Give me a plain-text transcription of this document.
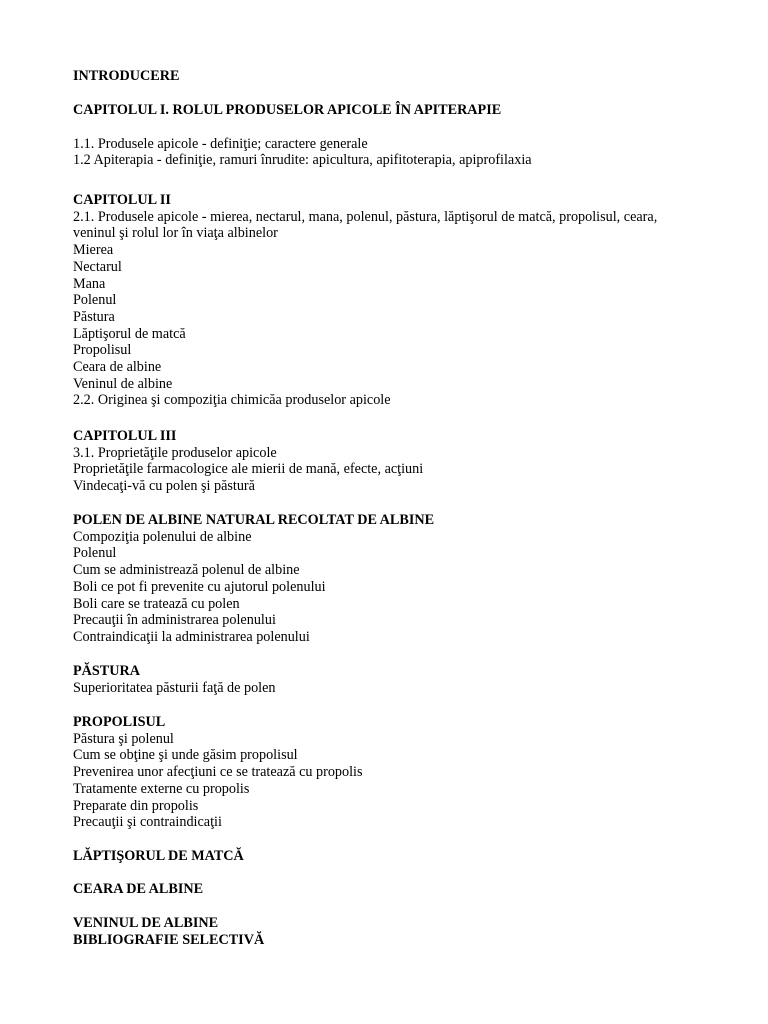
INTRODUCERE
CAPITOLUL I. ROLUL PRODUSELOR APICOLE ÎN APITERAPIE
1.1. Produsele apicole - definiţie; caractere generale
1.2 Apiterapia - definiţie, ramuri înrudite: apicultura, apifitoterapia, apiprofilaxia
CAPITOLUL II
2.1. Produsele apicole - mierea, nectarul, mana, polenul, păstura, lăptişorul de matcă, propolisul, ceara, veninul şi rolul lor în viaţa albinelor
Mierea
Nectarul
Mana
Polenul
Păstura
Lăptişorul de matcă
Propolisul
Ceara de albine
Veninul de albine
2.2. Originea şi compoziţia chimicăa produselor apicole
CAPITOLUL III
3.1. Proprietăţile produselor apicole
Proprietăţile farmacologice ale mierii de mană, efecte, acţiuni
Vindecaţi-vă cu polen şi păstură
POLEN DE ALBINE NATURAL RECOLTAT DE ALBINE
Compoziţia polenului de albine
Polenul
Cum se administrează polenul de albine
Boli ce pot fi prevenite cu ajutorul polenului
Boli care se tratează cu polen
Precauţii în administrarea polenului
Contraindicaţii la administrarea polenului
PĂSTURA
Superioritatea păsturii faţă de polen
PROPOLISUL
Păstura şi polenul
Cum se obţine şi unde găsim propolisul
Prevenirea unor afecţiuni ce se tratează cu propolis
Tratamente externe cu propolis
Preparate din propolis
Precauţii şi contraindicaţii
LĂPTIŞORUL DE MATCĂ
CEARA DE ALBINE
VENINUL DE ALBINE
BIBLIOGRAFIE SELECTIVĂ
